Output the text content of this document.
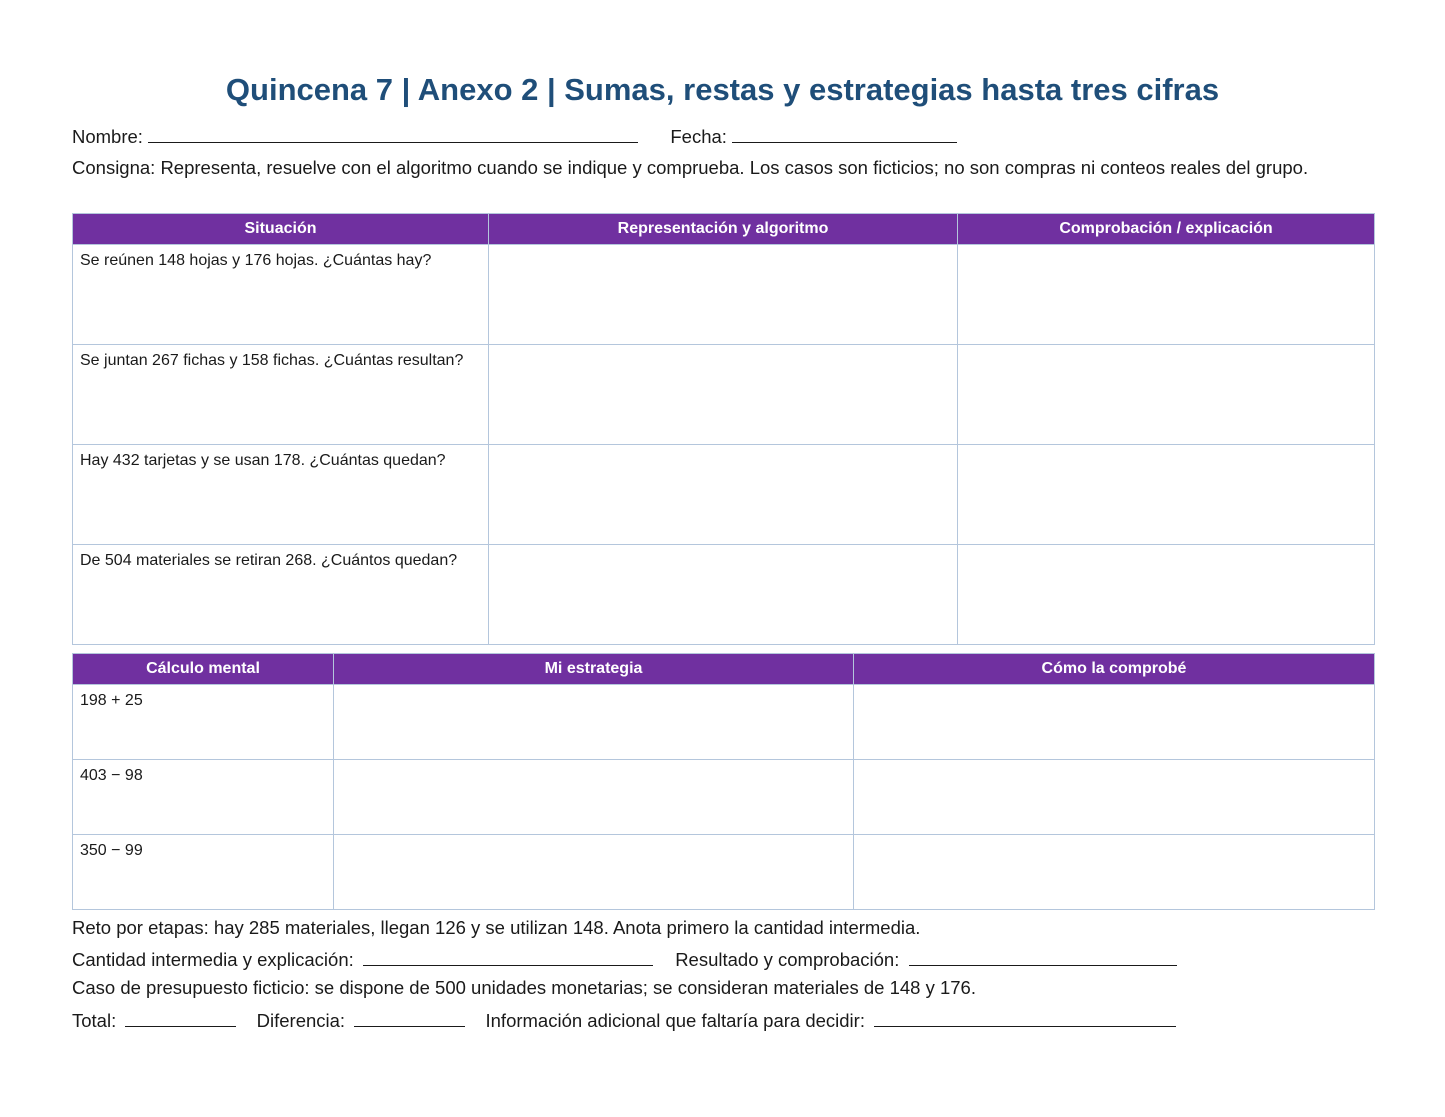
Quincena 7 | Anexo 2 | Sumas, restas y estrategias hasta tres cifras
Nombre:	Fecha:

Consigna: Representa, resuelve con el algoritmo cuando se indique y comprueba. Los casos son ficticios; no son compras ni conteos reales del grupo.

Situación	Representación y algoritmo	Comprobación / explicación
Se reúnen 148 hojas y 176 hojas. ¿Cuántas hay?		
Se juntan 267 fichas y 158 fichas. ¿Cuántas resultan?		
Hay 432 tarjetas y se usan 178. ¿Cuántas quedan?		
De 504 materiales se retiran 268. ¿Cuántos quedan?		
Cálculo mental	Mi estrategia	Cómo la comprobé
198 + 25		
403 − 98		
350 − 99		
Reto por etapas: hay 285 materiales, llegan 126 y se utilizan 148. Anota primero la cantidad intermedia.
Cantidad intermedia y explicación:	Resultado y comprobación:
Caso de presupuesto ficticio: se dispone de 500 unidades monetarias; se consideran materiales de 148 y 176.
Total:	Diferencia:	Información adicional que faltaría para decidir:
